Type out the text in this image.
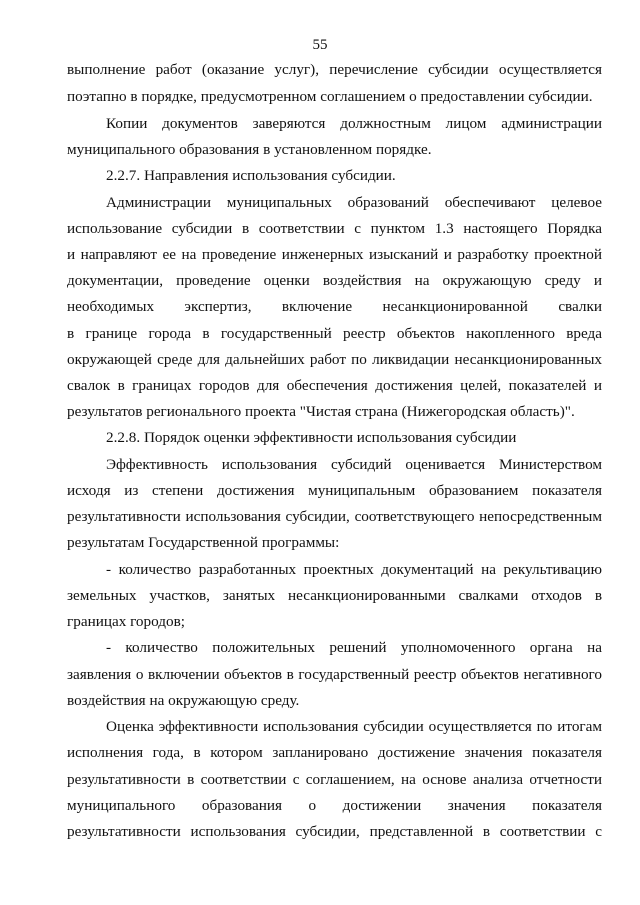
55
выполнение работ (оказание услуг), перечисление субсидии осуществляется
поэтапно в порядке, предусмотренном соглашением о предоставлении субсидии.
Копии документов заверяются должностным лицом администрации
муниципального образования в установленном порядке.
2.2.7. Направления использования субсидии.
Администрации муниципальных образований обеспечивают целевое
использование субсидии в соответствии с пунктом 1.3 настоящего Порядка
и направляют ее на проведение инженерных изысканий и разработку проектной
документации, проведение оценки воздействия на окружающую среду и
необходимых экспертиз, включение несанкционированной свалки
в границе города в государственный реестр объектов накопленного вреда
окружающей среде для дальнейших работ по ликвидации несанкционированных
свалок в границах городов для обеспечения достижения целей, показателей и
результатов регионального проекта "Чистая страна (Нижегородская область)".
2.2.8. Порядок оценки эффективности использования субсидии
Эффективность использования субсидий оценивается Министерством
исходя из степени достижения муниципальным образованием показателя
результативности использования субсидии, соответствующего непосредственным
результатам Государственной программы:
- количество разработанных проектных документаций на рекультивацию
земельных участков, занятых несанкционированными свалками отходов в
границах городов;
- количество положительных решений уполномоченного органа на
заявления о включении объектов в государственный реестр объектов негативного
воздействия на окружающую среду.
Оценка эффективности использования субсидии осуществляется по итогам
исполнения года, в котором запланировано достижение значения показателя
результативности в соответствии с соглашением, на основе анализа отчетности
муниципального образования о достижении значения показателя
результативности использования субсидии, представленной в соответствии с
